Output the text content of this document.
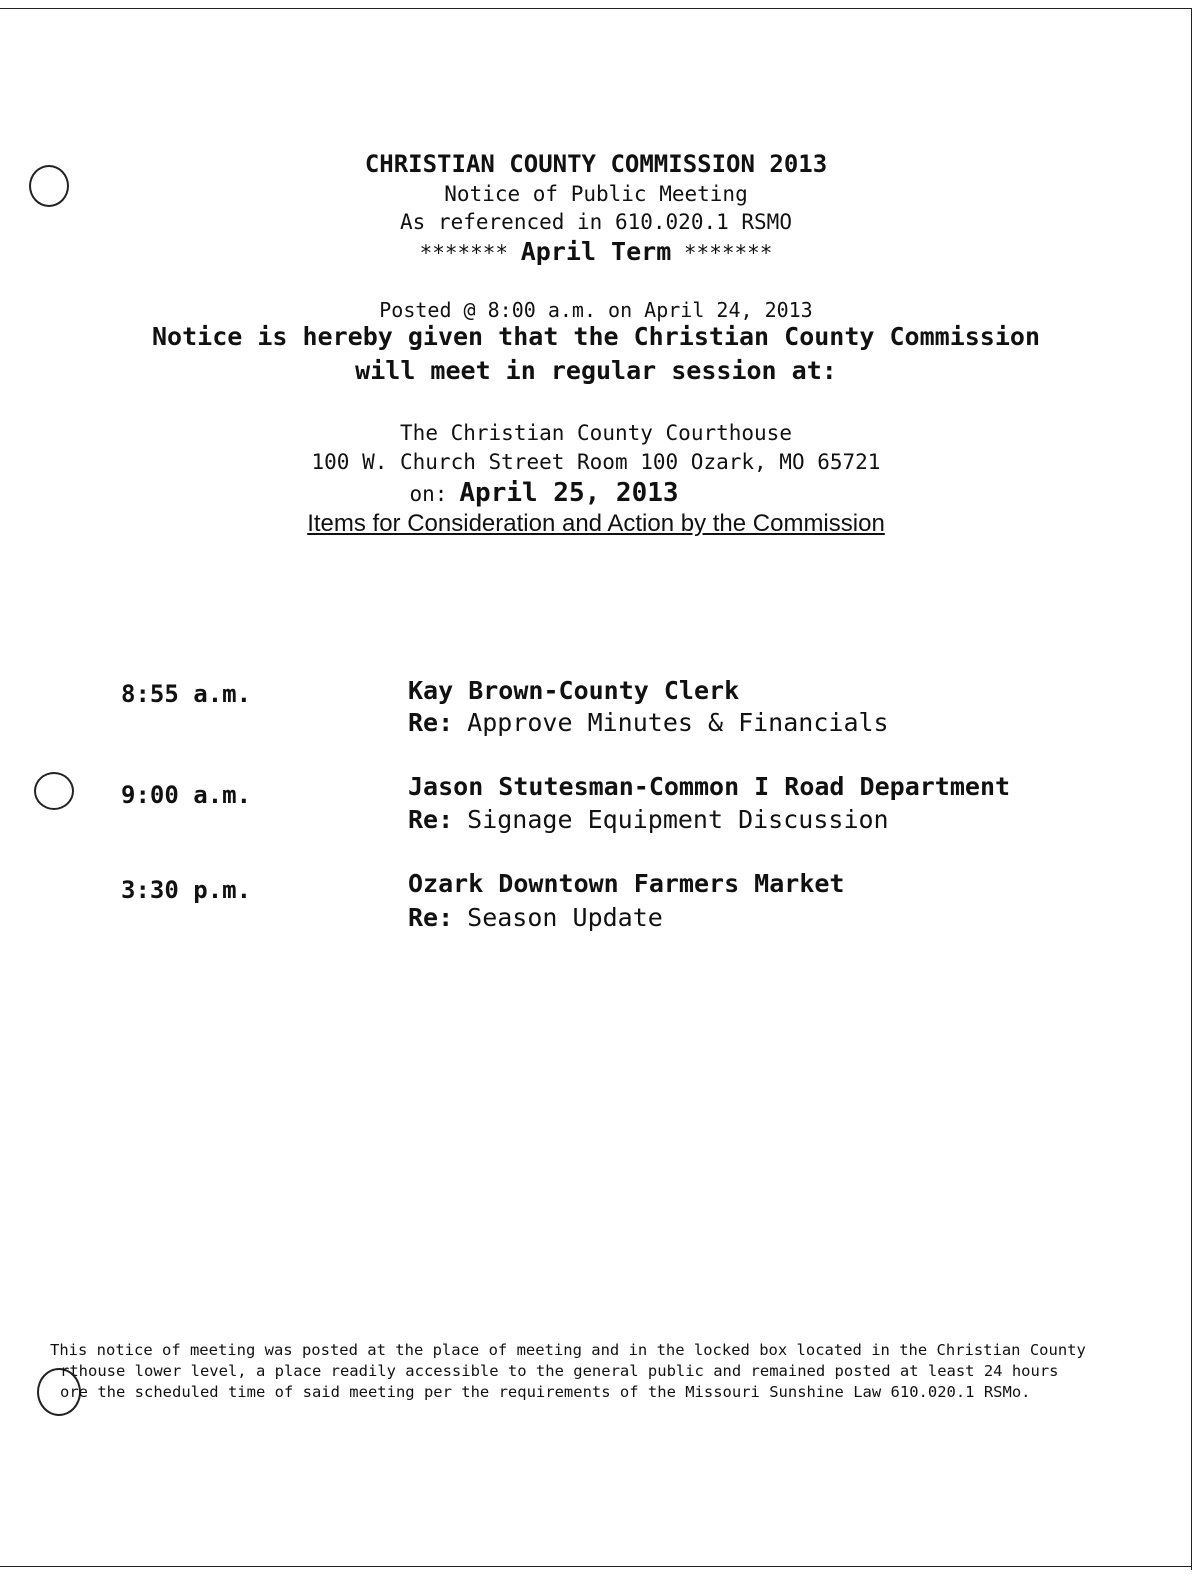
CHRISTIAN COUNTY COMMISSION 2013
Notice of Public Meeting
As referenced in 610.020.1 RSMO
******* April Term *******
Posted @ 8:00 a.m. on April 24, 2013
Notice is hereby given that the Christian County Commission
will meet in regular session at:
The Christian County Courthouse
100 W. Church Street Room 100 Ozark, MO 65721
on: April 25, 2013
Items for Consideration and Action by the Commission
8:55 a.m.	Kay Brown-County Clerk
Re: Approve Minutes & Financials
9:00 a.m.	Jason Stutesman-Common I Road Department
Re: Signage Equipment Discussion
3:30 p.m.	Ozark Downtown Farmers Market
Re: Season Update
This notice of meeting was posted at the place of meeting and in the locked box located in the Christian County
rthouse lower level, a place readily accessible to the general public and remained posted at least 24 hours
ore the scheduled time of said meeting per the requirements of the Missouri Sunshine Law 610.020.1 RSMo.
